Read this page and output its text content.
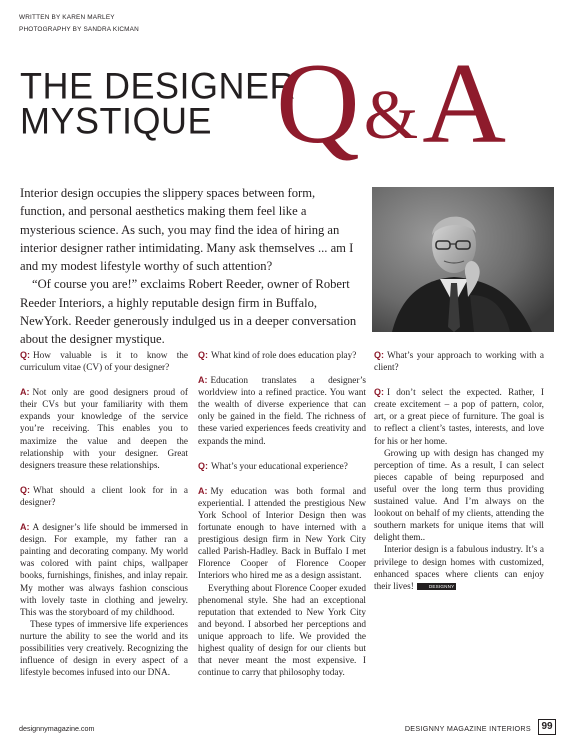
WRITTEN BY KAREN MARLEY
PHOTOGRAPHY BY SANDRA KICMAN
THE DESIGNER
MYSTIQUE Q&A

Interior design occupies the slippery spaces between form, function, and personal aesthetics making them feel like a mysterious science. As such, you may find the idea of hiring an interior designer rather intimidating. Many ask themselves ... am I and my modest lifestyle worthy of such attention?

“Of course you are!” exclaims Robert Reeder, owner of Robert Reeder Interiors, a highly reputable design firm in Buffalo, NewYork. Reeder generously indulged us in a deeper conversation about the designer mystique.

Q: How valuable is it to know the curriculum vitae (CV) of your designer?

A: Not only are good designers proud of their CVs but your familiarity with them expands your knowledge of the service you’re receiving. This enables you to maximize the value and deepen the relationship with your designer. Great designers treasure these relationships.

Q: What should a client look for in a designer?

A: A designer’s life should be immersed in design. For example, my father ran a painting and decorating company. My world was colored with paint chips, wallpaper books, furnishings, finishes, and inlay repair. My mother was always fashion conscious with lovely taste in clothing and jewelry. This was the storyboard of my childhood.

These types of immersive life experiences nurture the ability to see the world and its possibilities very creatively. Recognizing the influence of design in every aspect of a lifestyle becomes infused into our DNA.

Q: What kind of role does education play?

A: Education translates a designer’s worldview into a refined practice. You want the wealth of diverse experience that can only be gained in the field. The richness of these varied experiences feeds creativity and expands the mind.

Q: What’s your educational experience?

A: My education was both formal and experiential. I attended the prestigious New York School of Interior Design then was fortunate enough to have interned with a prestigious design firm in New York City called Parish-Hadley. Back in Buffalo I met Florence Cooper of Florence Cooper Interiors who hired me as a design assistant.

Everything about Florence Cooper exuded phenomenal style. She had an exceptional reputation that extended to New York City and beyond. I absorbed her perceptions and unique approach to life. We provided the highest quality of design for our clients but that never meant the most expensive. I continue to carry that philosophy today.

Q: What’s your approach to working with a client?

Q: I don’t select the expected. Rather, I create excitement – a pop of pattern, color, art, or a great piece of furniture. The goal is to reflect a client’s tastes, interests, and love for his or her home.

Growing up with design has changed my perception of time. As a result, I can select pieces capable of being repurposed and useful over the long term thus providing sustained value. And I’m always on the lookout on behalf of my clients, attending the southern markets for unique items that will delight them..

Interior design is a fabulous industry. It’s a privilege to design homes with customized, enhanced spaces where clients can enjoy their lives!	DESIGNNY

designnymagazine.com	DESIGNNY MAGAZINE INTERIORS	99
